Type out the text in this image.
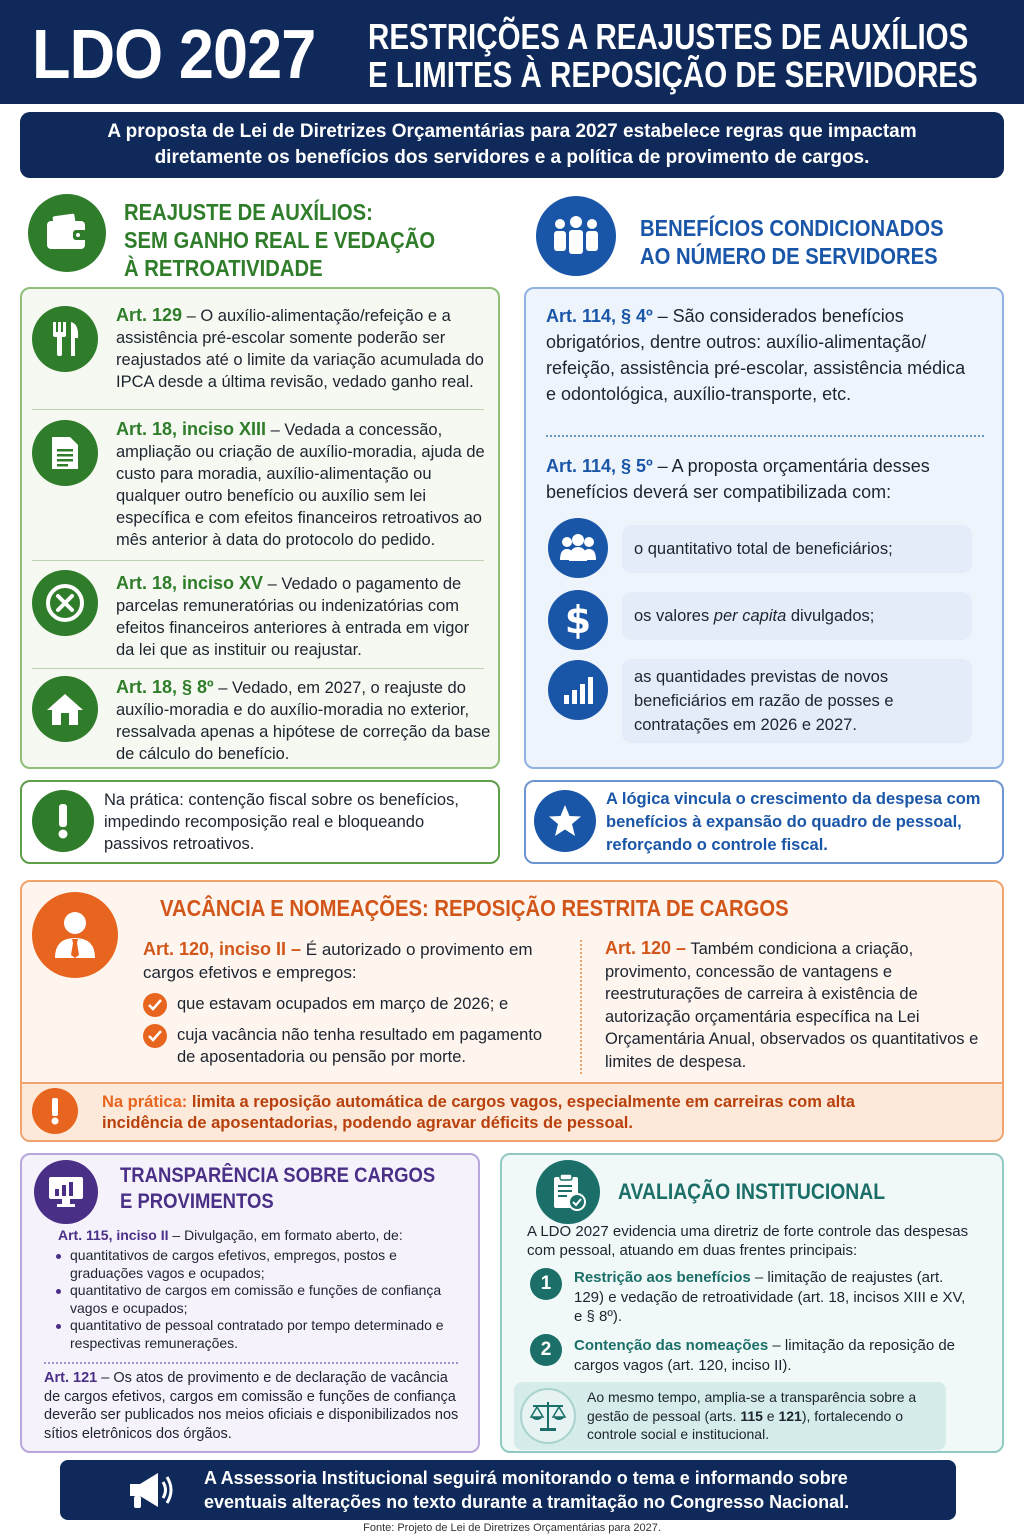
LDO 2027 RESTRIÇÕES A REAJUSTES DE AUXÍLIOS
E LIMITES À REPOSIÇÃO DE SERVIDORES
A proposta de Lei de Diretrizes Orçamentárias para 2027 estabelece regras que impactam
diretamente os benefícios dos servidores e a política de provimento de cargos.
REAJUSTE DE AUXÍLIOS:
SEM GANHO REAL E VEDAÇÃO
À RETROATIVIDADE
Art. 129 – O auxílio-alimentação/refeição e a assistência pré-escolar somente poderão ser reajustados até o limite da variação acumulada do IPCA desde a última revisão, vedado ganho real.
Art. 18, inciso XIII – Vedada a concessão, ampliação ou criação de auxílio-moradia, ajuda de custo para moradia, auxílio-alimentação ou qualquer outro benefício ou auxílio sem lei específica e com efeitos financeiros retroativos ao mês anterior à data do protocolo do pedido.
Art. 18, inciso XV – Vedado o pagamento de parcelas remuneratórias ou indenizatórias com efeitos financeiros anteriores à entrada em vigor da lei que as instituir ou reajustar.
Art. 18, § 8º – Vedado, em 2027, o reajuste do auxílio-moradia e do auxílio-moradia no exterior, ressalvada apenas a hipótese de correção da base de cálculo do benefício.
Na prática: contenção fiscal sobre os benefícios, impedindo recomposição real e bloqueando passivos retroativos.
BENEFÍCIOS CONDICIONADOS
AO NÚMERO DE SERVIDORES
Art. 114, § 4º – São considerados benefícios obrigatórios, dentre outros: auxílio-alimentação/ refeição, assistência pré-escolar, assistência médica e odontológica, auxílio-transporte, etc.
Art. 114, § 5º – A proposta orçamentária desses benefícios deverá ser compatibilizada com:
o quantitativo total de beneficiários;
$	os valores per capita divulgados;
as quantidades previstas de novos beneficiários em razão de posses e contratações em 2026 e 2027.
A lógica vincula o crescimento da despesa com benefícios à expansão do quadro de pessoal, reforçando o controle fiscal.
VACÂNCIA E NOMEAÇÕES: REPOSIÇÃO RESTRITA DE CARGOS
Art. 120, inciso II – É autorizado o provimento em cargos efetivos e empregos:
que estavam ocupados em março de 2026; e
cuja vacância não tenha resultado em pagamento de aposentadoria ou pensão por morte.
Art. 120 – Também condiciona a criação, provimento, concessão de vantagens e reestruturações de carreira à existência de autorização orçamentária específica na Lei Orçamentária Anual, observados os quantitativos e limites de despesa.
Na prática: limita a reposição automática de cargos vagos, especialmente em carreiras com alta incidência de aposentadorias, podendo agravar déficits de pessoal.
TRANSPARÊNCIA SOBRE CARGOS
E PROVIMENTOS
Art. 115, inciso II – Divulgação, em formato aberto, de:
quantitativos de cargos efetivos, empregos, postos e graduações vagos e ocupados;
quantitativo de cargos em comissão e funções de confiança vagos e ocupados;
quantitativo de pessoal contratado por tempo determinado e respectivas remunerações.
Art. 121 – Os atos de provimento e de declaração de vacância de cargos efetivos, cargos em comissão e funções de confiança deverão ser publicados nos meios oficiais e disponibilizados nos sítios eletrônicos dos órgãos.
AVALIAÇÃO INSTITUCIONAL
A LDO 2027 evidencia uma diretriz de forte controle das despesas com pessoal, atuando em duas frentes principais:
1	Restrição aos benefícios – limitação de reajustes (art. 129) e vedação de retroatividade (art. 18, incisos XIII e XV, e § 8º).
2	Contenção das nomeações – limitação da reposição de cargos vagos (art. 120, inciso II).
Ao mesmo tempo, amplia-se a transparência sobre a gestão de pessoal (arts. 115 e 121), fortalecendo o controle social e institucional.
A Assessoria Institucional seguirá monitorando o tema e informando sobre
eventuais alterações no texto durante a tramitação no Congresso Nacional.
Fonte: Projeto de Lei de Diretrizes Orçamentárias para 2027.
